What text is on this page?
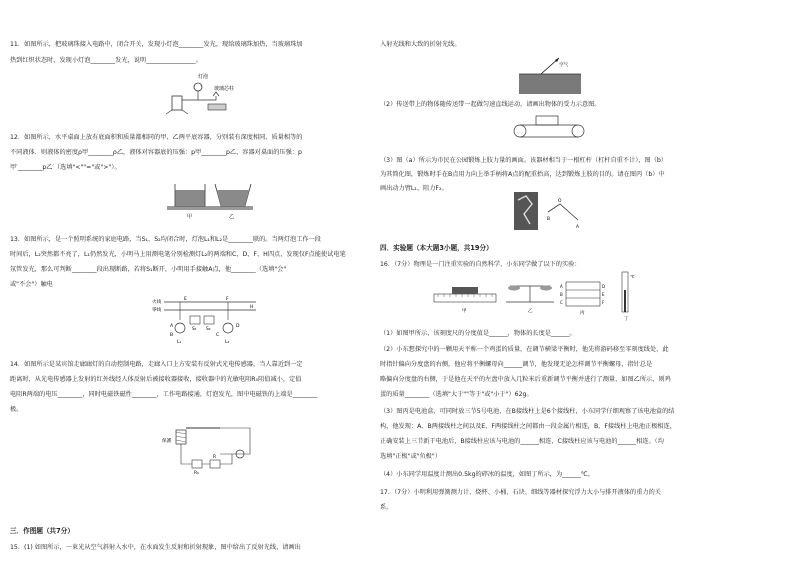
11．如图所示，把玻璃珠接入电路中，闭合开关，发现小灯泡________发光，现给玻璃珠加热，当玻璃珠加
热到红炽状态时，发现小灯泡________发光，说明________________。
灯泡
玻璃芯柱
12．如图所示，水平桌面上放有底面积和质量都相同的甲、乙两平底容器，分别装有深度相同、质量相等的
不同液体．则液体的密度ρ甲________ρ乙，液体对容器底的压强：p甲________p乙，容器对桌面的压强：p
甲′________p乙′（选填"<""="或">"）。
甲	乙
13．如图所示，是一个照明系统的家庭电路，当S₁、S₂均闭合时，灯泡L₁和L₂是________联的。当两灯泡工作一段
时间后，L₂突然都不亮了，L₁仍然发光，小明马上用测电笔分别检测灯L₂的两端和C、D、F、H四点，发现仅F点能使试电笔
氖管发光，那么可判断________段出现断路，若将S₁断开，小明用手接触A点，他________（选填"会"
或"不会"）触电
火线
零线
E	F
H
S₁ S₂
A
B	C
D
L₁	L₂
14．如图所示是某宾馆走廊廊灯的自动控制电路，走廊入口上方安装有反射式光电传感器，当人靠近到一定
距离时，从光电传感器上发射的红外线经人体反射后被接收器接收，接收器中的光敏电阻R₀阻值减小，定值
电阻R两端的电压________，同时电磁铁磁性________，工作电路接通，灯泡发光，图中电磁铁的上端是________
极。
保護
R₀
R
三．作图题（共7分）
15．(1) 如图所示，一束光从空气斜射入水中，在水面发生反射和折射现象，图中给出了反射光线，请画出
入射光线和大致的折射光线。
空气
（2）传送带上的物体随传送带一起做匀速直线运动，请画出物体的受力示意图。
（3）图（a）所示为市民在公园锻炼上肢力量的画面。该器材相当于一根杠杆（杠杆自重不计），图（b）
为其简化图，锻炼时手在B点用力向上举手柄将A点的配重抬高，达到锻炼上肢的目的。请在图丙（b）中
画出动力臂L₁、阻力F₂。
B
O
A
四．实验题（本大题3小题，共19分）
16．（7分）物理是一门注重实验的自然科学，小东同学做了以下的实验：
甲	乙
A
B
C
D
E
F
丙
℃
丁
（1）如图甲所示，该刻度尺的分度值是______，物体的长度是______。
（2）小东想探究中的一颗用天平称一个鸡蛋的质量，在调节横梁平衡时，他先将游码移至零刻度线处，此
时指针偏向分度盘的右侧，他应将平衡螺母向______调节，他发现无论怎样调节平衡螺母，指针总是
略偏向分度盘的右侧，于是他在天平的左盘中放入几粒米后重新调节平衡并进行了测量，如图乙所示，则鸡
蛋的质量________（选填"大于""等于"或"小于"）62g。
（3）图丙是电池盒，可同时放三节5号电池，在B接线柱上是6个接线柱，小东同学仔细观察了该电池盒的结
构，他发现：A、B两接线柱之间以及E、F两接线柱之间都由一段金属片相连，B、F接线柱上电池正极相连，
正确安装上三节新干电池后，B接线柱应该与电池的______相连，C接线柱应该与电池的______相连。（均
选填"正极"或"负极"）
（4）小东同学用温度计测出0.5kg的碎冰的温度，如图丁所示，为______℃。
17．（7分）小明利用弹簧测力计、烧杯、小桶、石块、细线等器材探究浮力大小与排开液体的重力的关
系。
